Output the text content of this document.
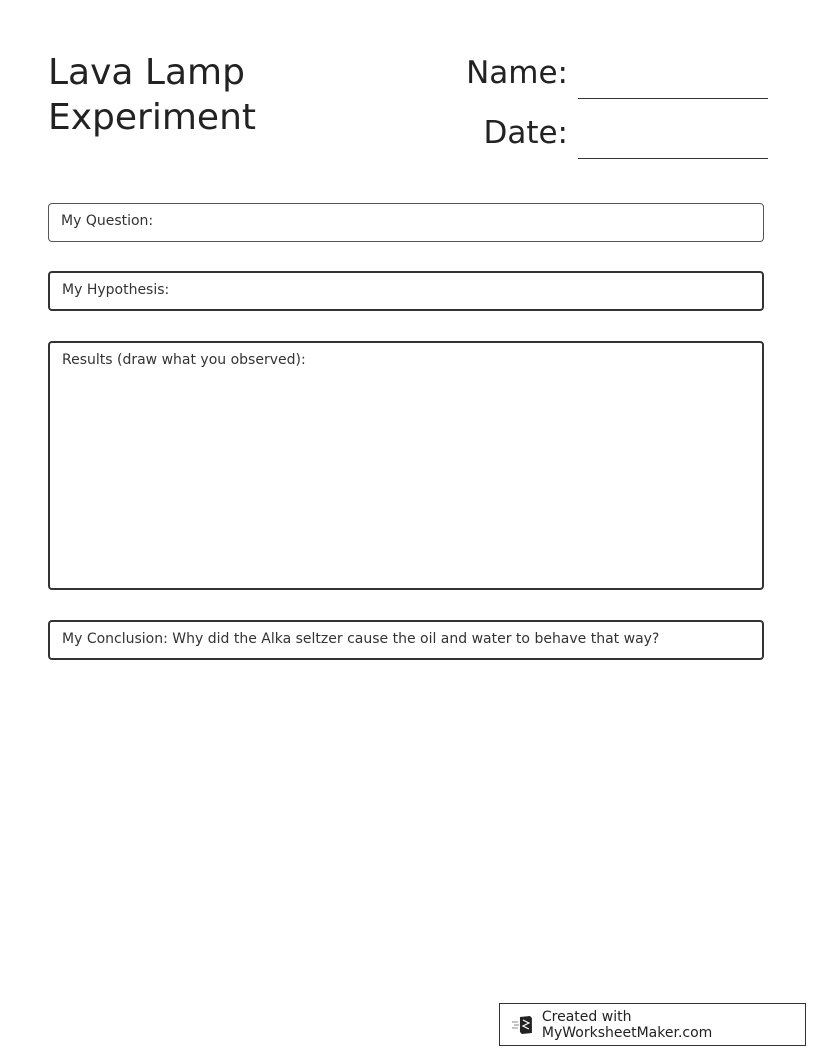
Lava Lamp
Experiment
Name:
Date:
My Question:
My Hypothesis:
Results (draw what you observed):
My Conclusion: Why did the Alka seltzer cause the oil and water to behave that way?
Created with MyWorksheetMaker.com
